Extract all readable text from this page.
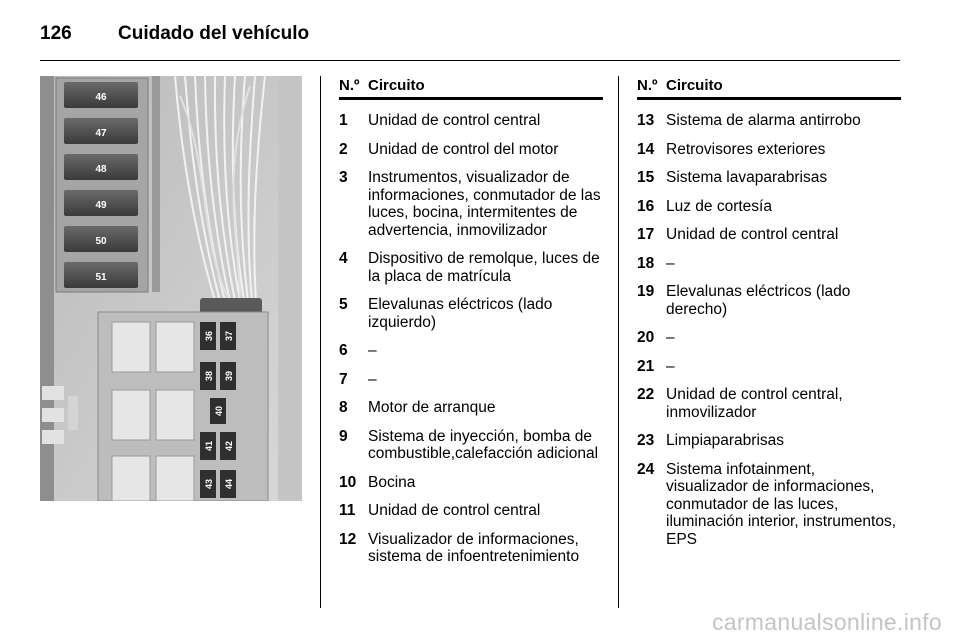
126	Cuidado del vehículo
46
47
48
49
50
51
36 37
38 39
40
41 42
43 44
N.º Circuito
1	Unidad de control central
2	Unidad de control del motor
3	Instrumentos, visualizador de informaciones, conmutador de las luces, bocina, intermitentes de advertencia, inmovilizador
4	Dispositivo de remolque, luces de la placa de matrícula
5	Elevalunas eléctricos (lado izquierdo)
6	–
7	–
8	Motor de arranque
9	Sistema de inyección, bomba de combustible,calefacción adicional
10 Bocina
11 Unidad de control central
12 Visualizador de informaciones, sistema de infoentretenimiento
N.º Circuito
13 Sistema de alarma antirrobo
14 Retrovisores exteriores
15 Sistema lavaparabrisas
16 Luz de cortesía
17 Unidad de control central
18 –
19 Elevalunas eléctricos (lado derecho)
20 –
21 –
22 Unidad de control central, inmovilizador
23 Limpiaparabrisas
24 Sistema infotainment, visualizador de informaciones, conmutador de las luces, iluminación interior, instrumentos, EPS
carmanualsonline.info
